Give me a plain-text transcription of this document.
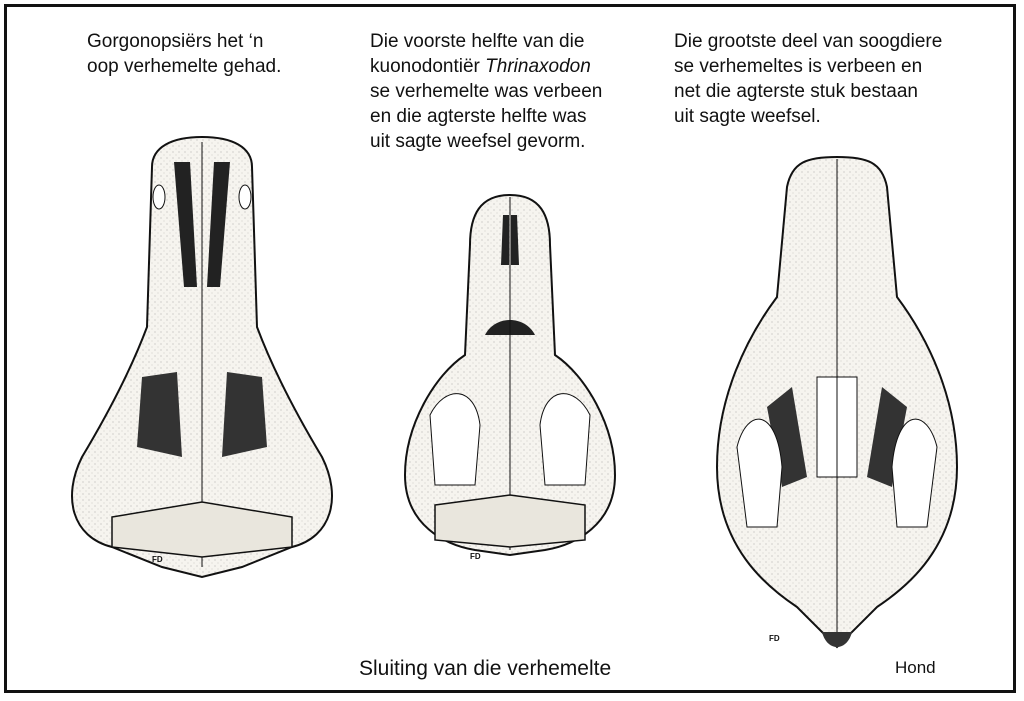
Gorgonopsiërs het ‘n
oop verhemelte gehad.
Die voorste helfte van die
kuonodontiër Thrinaxodon
se verhemelte was verbeen
en die agterste helfte was
uit sagte weefsel gevorm.
Die grootste deel van soogdiere
se verhemeltes is verbeen en
net die agterste stuk bestaan
uit sagte weefsel.
FD	FD
FD
Sluiting van die verhemelte	Hond
